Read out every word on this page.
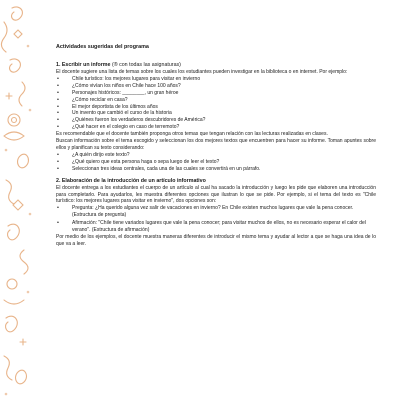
Actividades sugeridas del programa
1. Escribir un informe (® con todas las asignaturas)

El docente sugiere una lista de temas sobre los cuales los estudiantes pueden investigar en la biblioteca o en internet. Por ejemplo:

• Chile turístico: los mejores lugares para visitar en invierno
• ¿Cómo vivían los niños en Chile hace 100 años?
• Personajes históricos: ________, un gran héroe
• ¿Cómo reciclar en casa?
• El mejor deportista de los últimos años
• Un invento que cambió el curso de la historia
• ¿Quiénes fueron los verdaderos descubridores de América?
• ¿Qué hacer en el colegio en caso de terremoto?

Es recomendable que el docente también proponga otros temas que tengan relación con las lecturas realizadas en clases.

Buscan información sobre el tema escogido y seleccionan los dos mejores textos que encuentren para hacer su informe. Toman apuntes sobre ellos y planifican su texto considerando:

• ¿A quién dirijo este texto?
• ¿Qué quiero que esta persona haga o sepa luego de leer el texto?
• Seleccionan tres ideas centrales, cada una de las cuales se convertirá en un párrafo.
2. Elaboración de la introducción de un artículo informativo

El docente entrega a los estudiantes el cuerpo de un artículo al cual ha sacado la introducción y luego les pide que elaboren una introducción para completarlo. Para ayudarlos, les muestra diferentes opciones que ilustran lo que se pide. Por ejemplo, si el tema del texto es "Chile turístico: los mejores lugares para visitar en invierno", dos opciones son:

• Pregunta: ¿Ha querido alguna vez salir de vacaciones en invierno? En Chile existen muchos lugares que vale la pena conocer. (Estructura de pregunta)
• Afirmación: "Chile tiene variados lugares que vale la pena conocer; para visitar muchos de ellos, no es necesario esperar el calor del verano". (Estructura de afirmación)

Por medio de los ejemplos, el docente muestra maneras diferentes de introducir el mismo tema y ayudar al lector a que se haga una idea de lo que va a leer.
